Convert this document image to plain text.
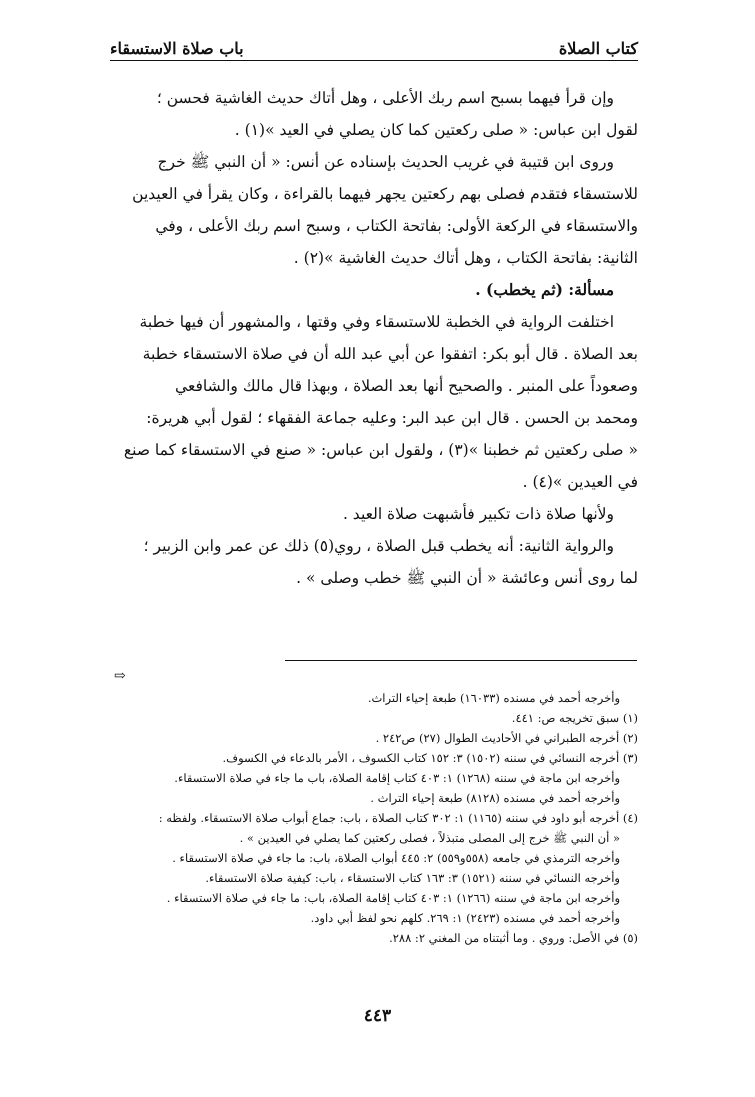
كتاب الصلاة
باب صلاة الاستسقاء

وإن قرأ فيهما بسبح اسم ربك الأعلى ، وهل أتاك حديث الغاشية فحسن ؛

لقول ابن عباس: « صلى ركعتين كما كان يصلي في العيد »(١) .

وروى ابن قتيبة في غريب الحديث بإسناده عن أنس: « أن النبي ﷺ خرج

للاستسقاء فتقدم فصلى بهم ركعتين يجهر فيهما بالقراءة ، وكان يقرأ في العيدين

والاستسقاء في الركعة الأولى: بفاتحة الكتاب ، وسبح اسم ربك الأعلى ، وفي

الثانية: بفاتحة الكتاب ، وهل أتاك حديث الغاشية »(٢) .

مسألة: (ثم يخطب) .

اختلفت الرواية في الخطبة للاستسقاء وفي وقتها ، والمشهور أن فيها خطبة

بعد الصلاة . قال أبو بكر: اتفقوا عن أبي عبد الله أن في صلاة الاستسقاء خطبة

وصعوداً على المنبر . والصحيح أنها بعد الصلاة ، وبهذا قال مالك والشافعي

ومحمد بن الحسن . قال ابن عبد البر: وعليه جماعة الفقهاء ؛ لقول أبي هريرة:

« صلى ركعتين ثم خطبنا »(٣) ، ولقول ابن عباس: « صنع في الاستسقاء كما صنع

في العيدين »(٤) .

ولأنها صلاة ذات تكبير فأشبهت صلاة العيد .

والرواية الثانية: أنه يخطب قبل الصلاة ، روي(٥) ذلك عن عمر وابن الزبير ؛

لما روى أنس وعائشة « أن النبي ﷺ خطب وصلى » .

⇨

وأخرجه أحمد في مسنده (١٦٠٣٣) طبعة إحياء التراث.

(١) سبق تخريجه ص: ٤٤١.

(٢) أخرجه الطبراني في الأحاديث الطوال (٢٧) ص٢٤٢ .

(٣) أخرجه النسائي في سننه (١٥٠٢) ٣: ١٥٢ كتاب الكسوف ، الأمر بالدعاء في الكسوف.

وأخرجه ابن ماجة في سننه (١٢٦٨) ١: ٤٠٣ كتاب إقامة الصلاة، باب ما جاء في صلاة الاستسقاء.

وأخرجه أحمد في مسنده (٨١٢٨) طبعة إحياء التراث .

(٤) أخرجه أبو داود في سننه (١١٦٥) ١: ٣٠٢ كتاب الصلاة ، باب: جماع أبواب صلاة الاستسقاء. ولفظه :

« أن النبي ﷺ خرج إلى المصلى متبذلاً ، فصلى ركعتين كما يصلي في العيدين » .

وأخرجه الترمذي في جامعه (٥٥٨و٥٥٩) ٢: ٤٤٥ أبواب الصلاة، باب: ما جاء في صلاة الاستسقاء .

وأخرجه النسائي في سننه (١٥٢١) ٣: ١٦٣ كتاب الاستسقاء ، باب: كيفية صلاة الاستسقاء.

وأخرجه ابن ماجة في سننه (١٢٦٦) ١: ٤٠٣ كتاب إقامة الصلاة، باب: ما جاء في صلاة الاستسقاء .

وأخرجه أحمد في مسنده (٢٤٢٣) ١: ٢٦٩. كلهم نحو لفظ أبي داود.

(٥) في الأصل: وروي . وما أثبتناه من المغني ٢: ٢٨٨.

٤٤٣
